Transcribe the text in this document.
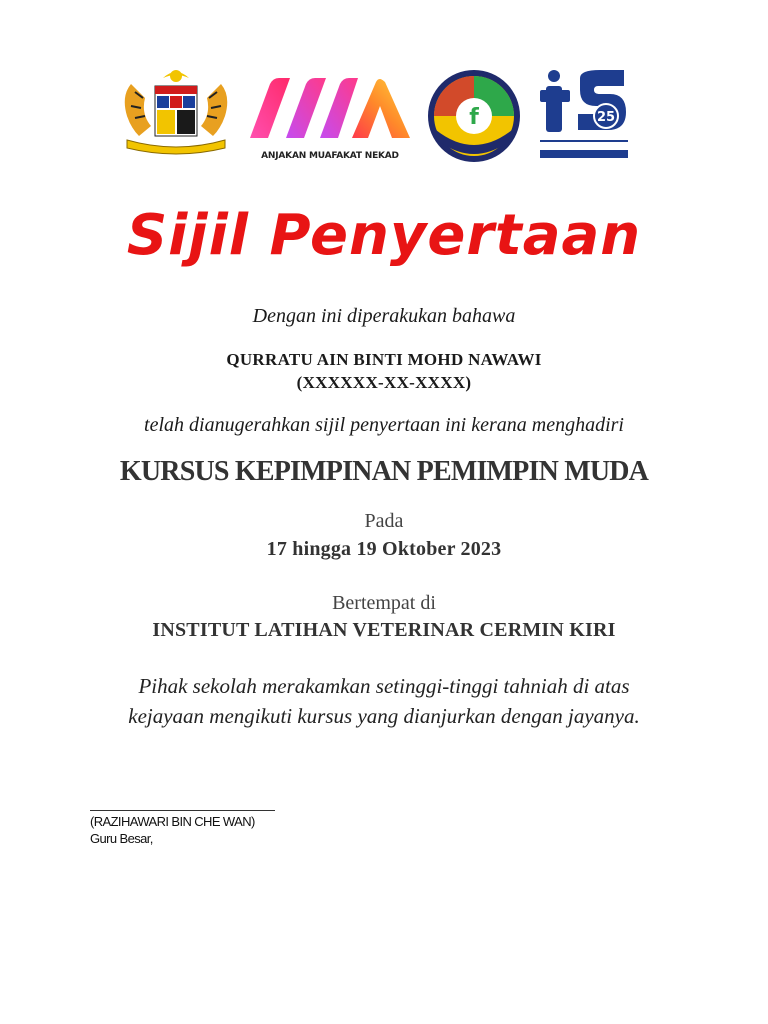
ANJAKAN MUAFAKAT NEKAD
f	25
Sijil Penyertaan
Dengan ini diperakukan bahawa
QURRATU AIN BINTI MOHD NAWAWI
(XXXXXX-XX-XXXX)
telah dianugerahkan sijil penyertaan ini kerana menghadiri
KURSUS KEPIMPINAN PEMIMPIN MUDA
Pada
17 hingga 19 Oktober 2023
Bertempat di
INSTITUT LATIHAN VETERINAR CERMIN KIRI
Pihak sekolah merakamkan setinggi-tinggi tahniah di atas
kejayaan mengikuti kursus yang dianjurkan dengan jayanya.
(RAZIHAWARI BIN CHE WAN)
Guru Besar,
